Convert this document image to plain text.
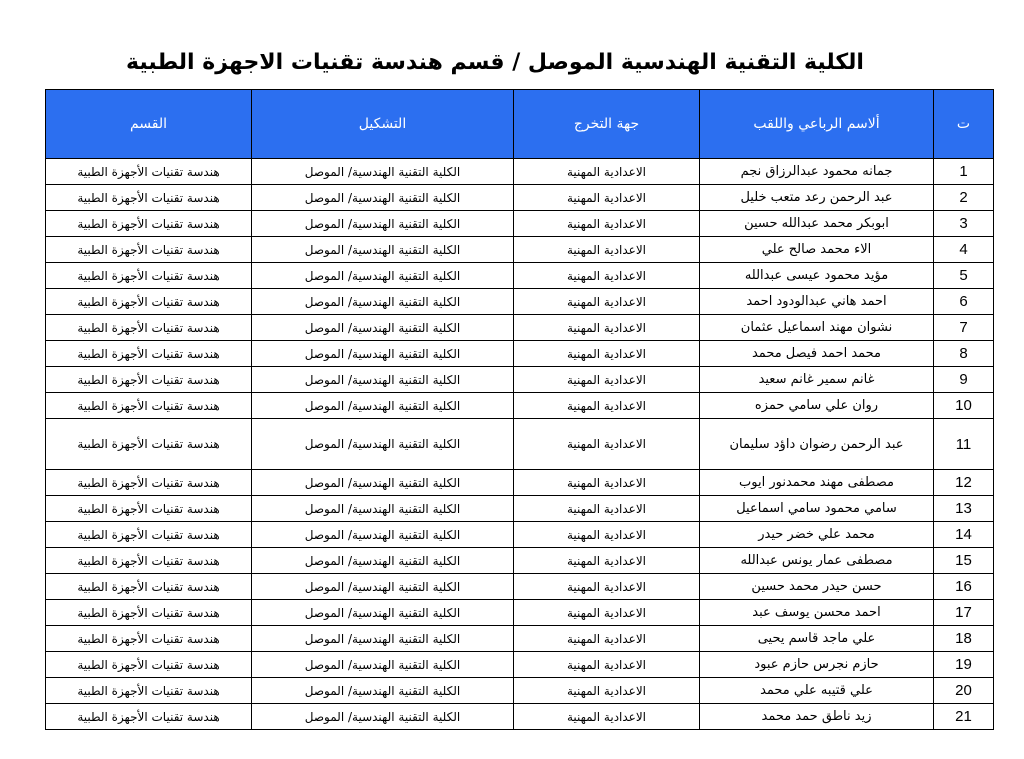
الكلية التقنية الهندسية الموصل / قسم هندسة تقنيات الاجهزة الطبية
ت	ألاسم الرباعي واللقب	جهة التخرج	التشكيل	القسم
1	جمانه محمود عبدالرزاق نجم	الاعدادية المهنية	الكلية التقنية الهندسية/ الموصل	هندسة تقنيات الأجهزة الطبية
2	عبد الرحمن رعد متعب خليل	الاعدادية المهنية	الكلية التقنية الهندسية/ الموصل	هندسة تقنيات الأجهزة الطبية
3	ابوبكر محمد عبدالله حسين	الاعدادية المهنية	الكلية التقنية الهندسية/ الموصل	هندسة تقنيات الأجهزة الطبية
4	الاء محمد صالح علي	الاعدادية المهنية	الكلية التقنية الهندسية/ الموصل	هندسة تقنيات الأجهزة الطبية
5	مؤيد محمود عيسى عبدالله	الاعدادية المهنية	الكلية التقنية الهندسية/ الموصل	هندسة تقنيات الأجهزة الطبية
6	احمد هاني عبدالودود احمد	الاعدادية المهنية	الكلية التقنية الهندسية/ الموصل	هندسة تقنيات الأجهزة الطبية
7	نشوان مهند اسماعيل عثمان	الاعدادية المهنية	الكلية التقنية الهندسية/ الموصل	هندسة تقنيات الأجهزة الطبية
8	محمد احمد فيصل محمد	الاعدادية المهنية	الكلية التقنية الهندسية/ الموصل	هندسة تقنيات الأجهزة الطبية
9	غانم سمير غانم سعيد	الاعدادية المهنية	الكلية التقنية الهندسية/ الموصل	هندسة تقنيات الأجهزة الطبية
10	روان علي سامي حمزه	الاعدادية المهنية	الكلية التقنية الهندسية/ الموصل	هندسة تقنيات الأجهزة الطبية
11	عبد الرحمن رضوان داؤد سليمان	الاعدادية المهنية	الكلية التقنية الهندسية/ الموصل	هندسة تقنيات الأجهزة الطبية
12	مصطفى مهند محمدنور ايوب	الاعدادية المهنية	الكلية التقنية الهندسية/ الموصل	هندسة تقنيات الأجهزة الطبية
13	سامي محمود سامي اسماعيل	الاعدادية المهنية	الكلية التقنية الهندسية/ الموصل	هندسة تقنيات الأجهزة الطبية
14	محمد علي خضر حيدر	الاعدادية المهنية	الكلية التقنية الهندسية/ الموصل	هندسة تقنيات الأجهزة الطبية
15	مصطفى عمار يونس عبدالله	الاعدادية المهنية	الكلية التقنية الهندسية/ الموصل	هندسة تقنيات الأجهزة الطبية
16	حسن حيدر محمد حسين	الاعدادية المهنية	الكلية التقنية الهندسية/ الموصل	هندسة تقنيات الأجهزة الطبية
17	احمد محسن يوسف عبد	الاعدادية المهنية	الكلية التقنية الهندسية/ الموصل	هندسة تقنيات الأجهزة الطبية
18	علي ماجد قاسم يحيى	الاعدادية المهنية	الكلية التقنية الهندسية/ الموصل	هندسة تقنيات الأجهزة الطبية
19	حازم نجرس حازم عبود	الاعدادية المهنية	الكلية التقنية الهندسية/ الموصل	هندسة تقنيات الأجهزة الطبية
20	علي قتيبه علي محمد	الاعدادية المهنية	الكلية التقنية الهندسية/ الموصل	هندسة تقنيات الأجهزة الطبية
21	زيد ناطق حمد محمد	الاعدادية المهنية	الكلية التقنية الهندسية/ الموصل	هندسة تقنيات الأجهزة الطبية
